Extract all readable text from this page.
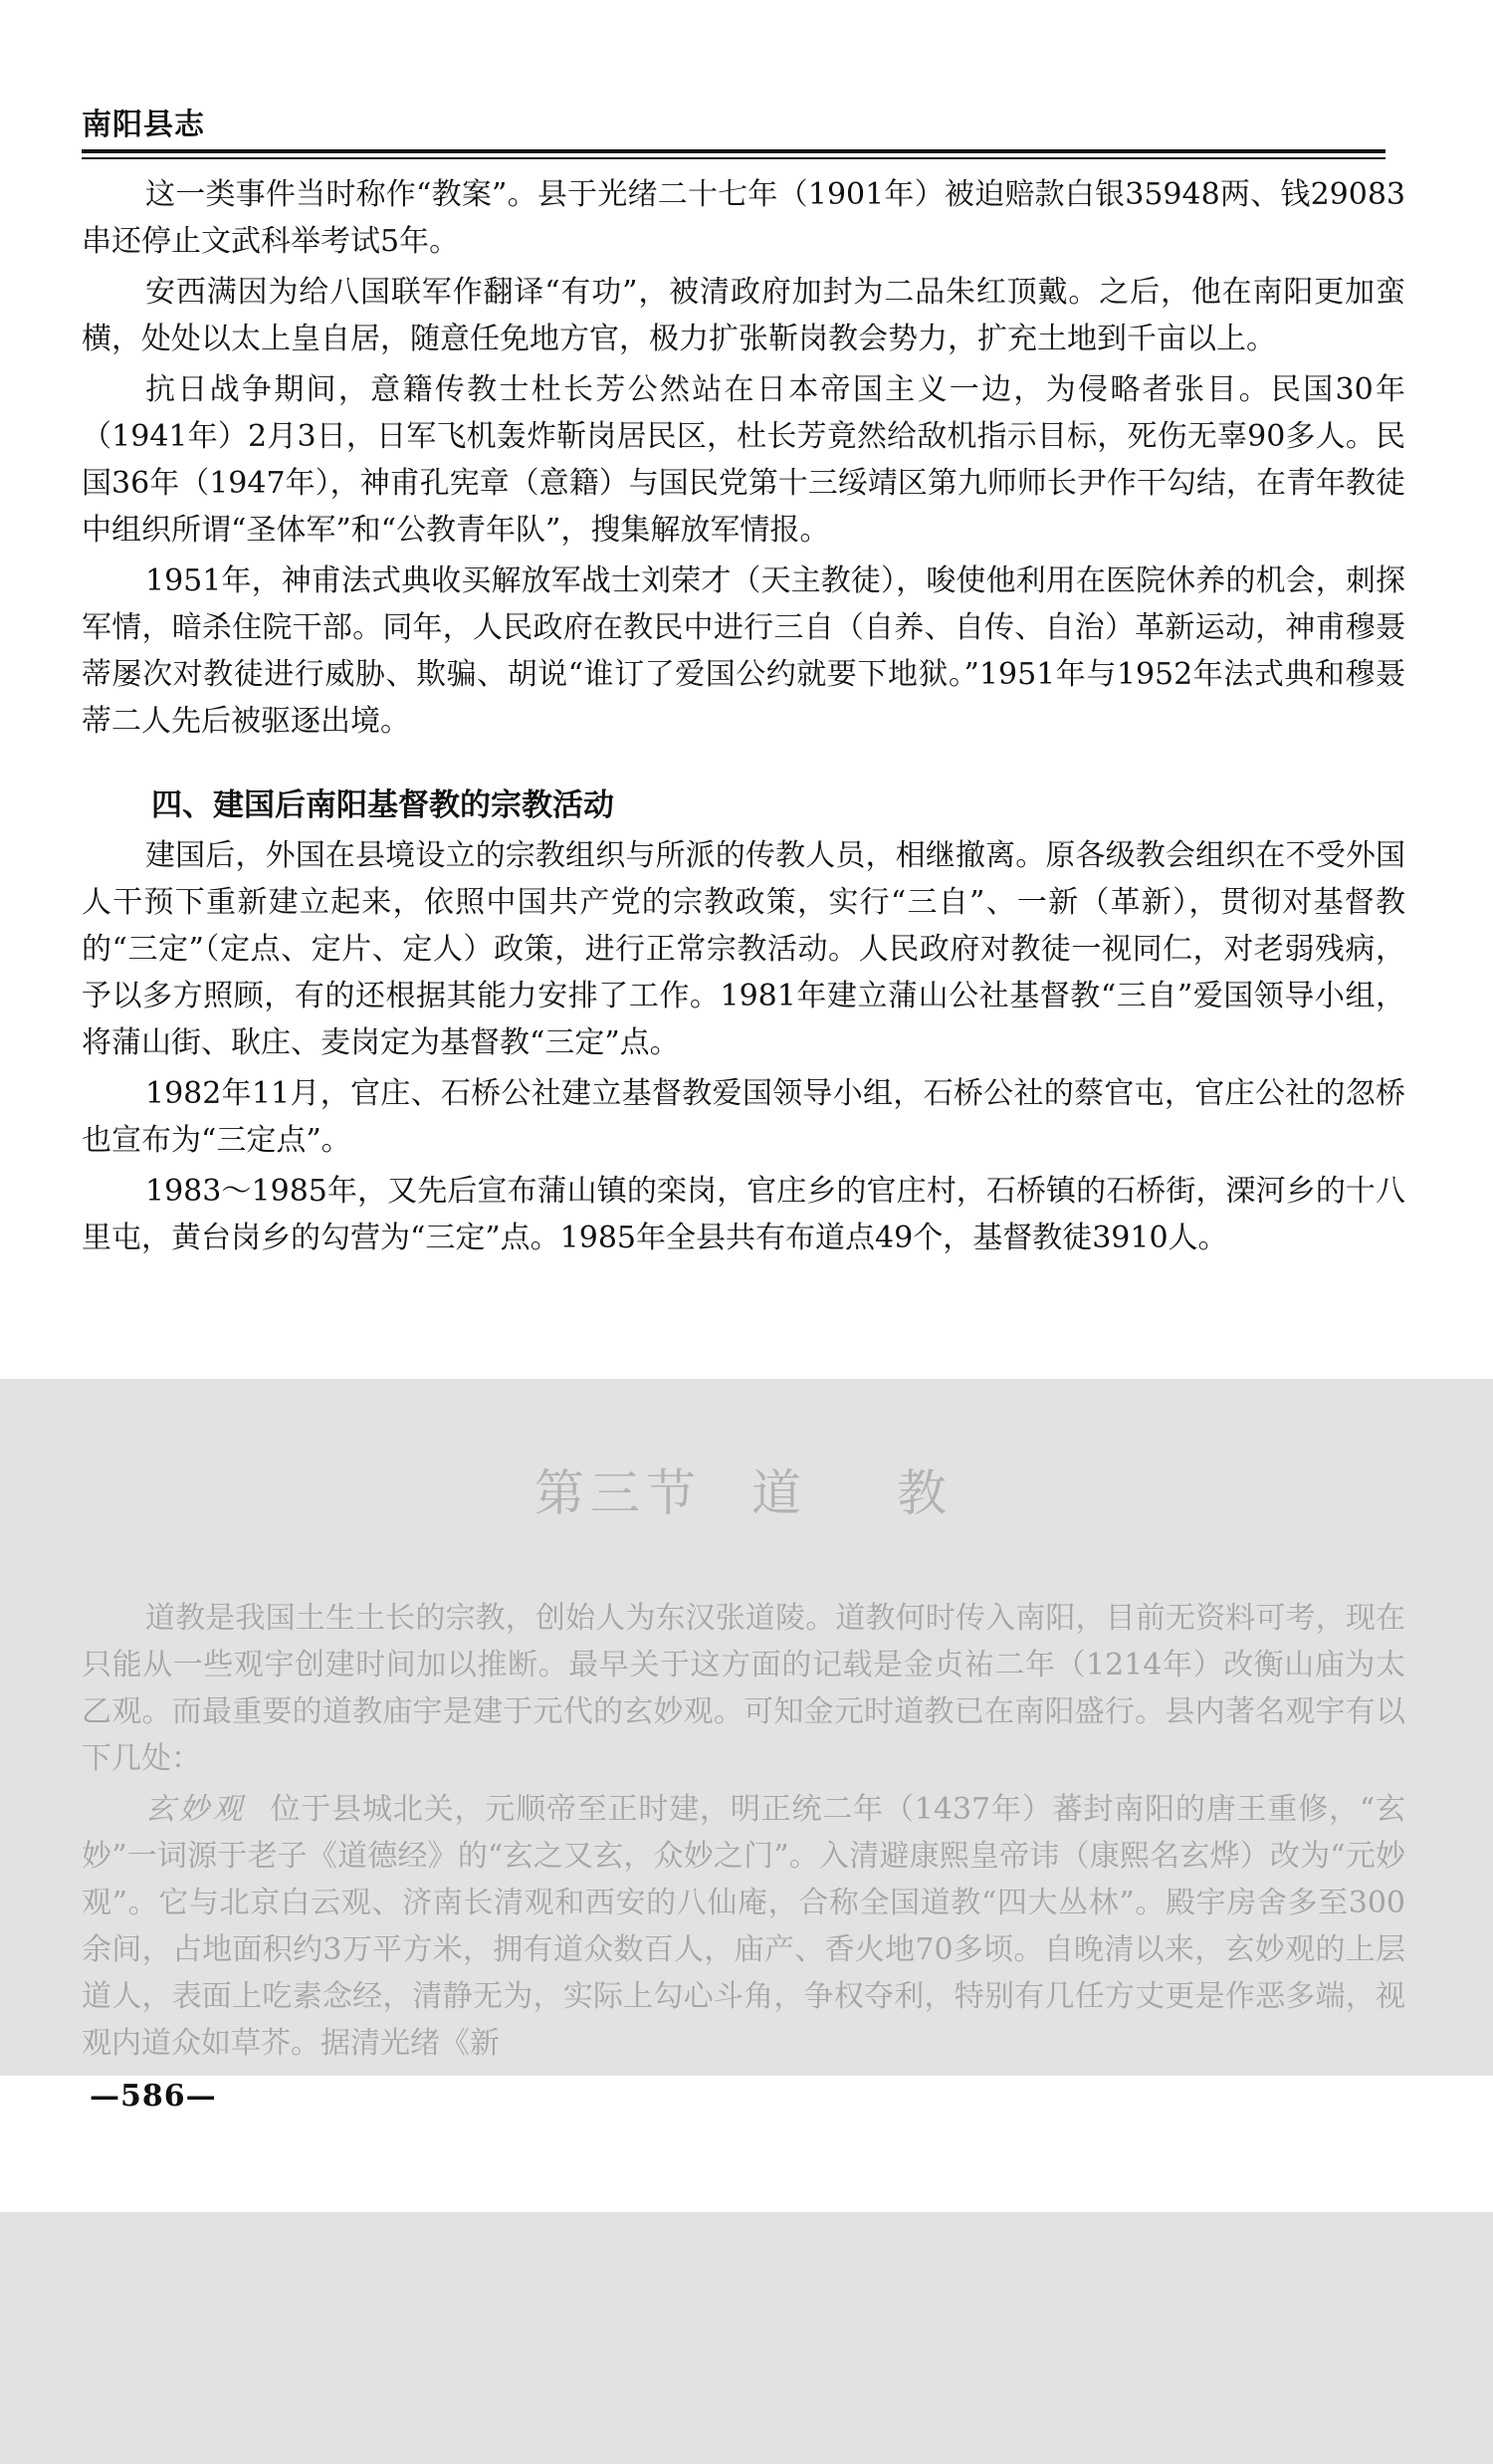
南阳县志

这一类事件当时称作“教案”。县于光绪二十七年（1901年）被迫赔款白银35948两、钱29083串还停止文武科举考试5年。

安西满因为给八国联军作翻译“有功”，被清政府加封为二品朱红顶戴。之后，他在南阳更加蛮横，处处以太上皇自居，随意任免地方官，极力扩张靳岗教会势力，扩充土地到千亩以上。

抗日战争期间，意籍传教士杜长芳公然站在日本帝国主义一边，为侵略者张目。民国30年（1941年）2月3日，日军飞机轰炸靳岗居民区，杜长芳竟然给敌机指示目标，死伤无辜90多人。民国36年（1947年），神甫孔宪章（意籍）与国民党第十三绥靖区第九师师长尹作干勾结，在青年教徒中组织所谓“圣体军”和“公教青年队”，搜集解放军情报。

1951年，神甫法式典收买解放军战士刘荣才（天主教徒），唆使他利用在医院休养的机会，刺探军情，暗杀住院干部。同年，人民政府在教民中进行三自（自养、自传、自治）革新运动，神甫穆聂蒂屡次对教徒进行威胁、欺骗、胡说“谁订了爱国公约就要下地狱。”1951年与1952年法式典和穆聂蒂二人先后被驱逐出境。

四、建国后南阳基督教的宗教活动

建国后，外国在县境设立的宗教组织与所派的传教人员，相继撤离。原各级教会组织在不受外国人干预下重新建立起来，依照中国共产党的宗教政策，实行“三自”、一新（革新），贯彻对基督教的“三定”（定点、定片、定人）政策，进行正常宗教活动。人民政府对教徒一视同仁，对老弱残病，予以多方照顾，有的还根据其能力安排了工作。1981年建立蒲山公社基督教“三自”爱国领导小组，将蒲山街、耿庄、麦岗定为基督教“三定”点。

1982年11月，官庄、石桥公社建立基督教爱国领导小组，石桥公社的蔡官屯，官庄公社的忽桥也宣布为“三定点”。

1983～1985年，又先后宣布蒲山镇的栾岗，官庄乡的官庄村，石桥镇的石桥街，溧河乡的十八里屯，黄台岗乡的勾营为“三定”点。1985年全县共有布道点49个，基督教徒3910人。

第三节 道 教

道教是我国土生土长的宗教，创始人为东汉张道陵。道教何时传入南阳，目前无资料可考，现在只能从一些观宇创建时间加以推断。最早关于这方面的记载是金贞祐二年（1214年）改衡山庙为太乙观。而最重要的道教庙宇是建于元代的玄妙观。可知金元时道教已在南阳盛行。县内著名观宇有以下几处：

玄妙观 位于县城北关，元顺帝至正时建，明正统二年（1437年）蕃封南阳的唐王重修，“玄妙”一词源于老子《道德经》的“玄之又玄，众妙之门”。入清避康熙皇帝讳（康熙名玄烨）改为“元妙观”。它与北京白云观、济南长清观和西安的八仙庵，合称全国道教“四大丛林”。殿宇房舍多至300余间，占地面积约3万平方米，拥有道众数百人，庙产、香火地70多顷。自晚清以来，玄妙观的上层道人，表面上吃素念经，清静无为，实际上勾心斗角，争权夺利，特别有几任方丈更是作恶多端，视观内道众如草芥。据清光绪《新

—586—
